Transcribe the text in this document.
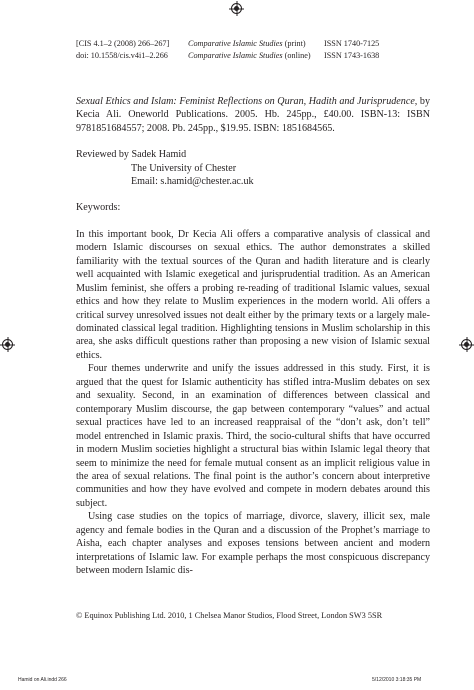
[CIS 4.1–2 (2008) 266–267] Comparative Islamic Studies (print) ISSN 1740-7125
doi: 10.1558/cis.v4i1–2.266 Comparative Islamic Studies (online) ISSN 1743-1638
Sexual Ethics and Islam: Feminist Reflections on Quran, Hadith and Jurisprudence, by Kecia Ali. Oneworld Publications. 2005. Hb. 245pp., £40.00. ISBN-13: ISBN 9781851684557; 2008. Pb. 245pp., $19.95. ISBN: 1851684565.
Reviewed by Sadek Hamid
The University of Chester
Email: s.hamid@chester.ac.uk
Keywords:

In this important book, Dr Kecia Ali offers a comparative analysis of classical and modern Islamic discourses on sexual ethics. The author demonstrates a skilled familiarity with the textual sources of the Quran and hadith literature and is clearly well acquainted with Islamic exegetical and jurisprudential tradition. As an American Muslim feminist, she offers a probing re-reading of traditional Islamic values, sexual ethics and how they relate to Muslim experiences in the modern world. Ali offers a critical survey unresolved issues not dealt either by the primary texts or a largely male-dominated classical legal tradition. Highlighting tensions in Muslim scholarship in this area, she asks difficult questions rather than proposing a new vision of Islamic sexual ethics.

Four themes underwrite and unify the issues addressed in this study. First, it is argued that the quest for Islamic authenticity has stifled intra-Muslim debates on sex and sexuality. Second, in an examination of differences between classical and contemporary Muslim discourse, the gap between contemporary “values” and actual sexual practices have led to an increased reappraisal of the “don’t ask, don’t tell” model entrenched in Islamic praxis. Third, the socio-cultural shifts that have occurred in modern Muslim societies highlight a structural bias within Islamic legal theory that seem to minimize the need for female mutual consent as an implicit religious value in the area of sexual relations. The final point is the author’s concern about interpretive communities and how they have evolved and compete in modern debates around this subject.

Using case studies on the topics of marriage, divorce, slavery, illicit sex, male agency and female bodies in the Quran and a discussion of the Prophet’s marriage to Aisha, each chapter analyses and exposes tensions between ancient and modern interpretations of Islamic law. For example perhaps the most conspicuous discrepancy between modern Islamic dis-

© Equinox Publishing Ltd. 2010, 1 Chelsea Manor Studios, Flood Street, London SW3 5SR
Hamid on Ali.indd 266	5/12/2010 3:18:35 PM
